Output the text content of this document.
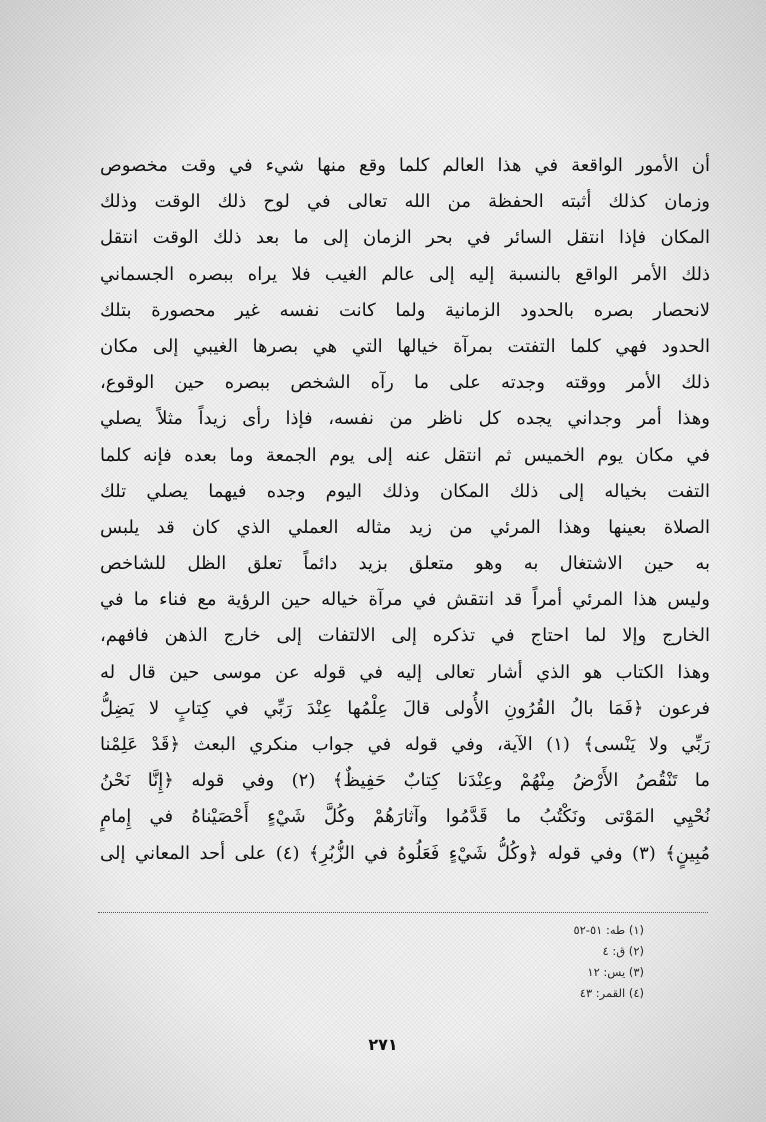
أن الأمور الواقعة في هذا العالم كلما وقع منها شيء في وقت مخصوص
وزمان كذلك أثبته الحفظة من الله تعالى في لوح ذلك الوقت وذلك
المكان فإذا انتقل السائر في بحر الزمان إلى ما بعد ذلك الوقت انتقل
ذلك الأمر الواقع بالنسبة إليه إلى عالم الغيب فلا يراه ببصره الجسماني
لانحصار بصره بالحدود الزمانية ولما كانت نفسه غير محصورة بتلك
الحدود فهي كلما التفتت بمرآة خيالها التي هي بصرها الغيبي إلى مكان
ذلك الأمر ووقته وجدته على ما رآه الشخص ببصره حين الوقوع،
وهذا أمر وجداني يجده كل ناظر من نفسه، فإذا رأى زيداً مثلاً يصلي
في مكان يوم الخميس ثم انتقل عنه إلى يوم الجمعة وما بعده فإنه كلما
التفت بخياله إلى ذلك المكان وذلك اليوم وجده فيهما يصلي تلك
الصلاة بعينها وهذا المرئي من زيد مثاله العملي الذي كان قد يلبس
به حين الاشتغال به وهو متعلق بزيد دائماً تعلق الظل للشاخص
وليس هذا المرئي أمراً قد انتقش في مرآة خياله حين الرؤية مع فناء ما في
الخارج وإلا لما احتاج في تذكره إلى الالتفات إلى خارج الذهن فافهم،
وهذا الكتاب هو الذي أشار تعالى إليه في قوله عن موسى حين قال له
فرعون ﴿فَمَا بالُ القُرُونِ الأُولى قالَ عِلْمُها عِنْدَ رَبِّي في كِتابٍ لا يَضِلُّ
رَبِّي ولا يَنْسى﴾ (١) الآية، وفي قوله في جواب منكري البعث ﴿قَدْ عَلِمْنا
ما تَنْقُصُ الأَرْضُ مِنْهُمْ وعِنْدَنا كِتابٌ حَفِيظٌ﴾ (٢) وفي قوله ﴿إِنَّا نَحْنُ
نُحْيِي المَوْتى ونَكْتُبُ ما قَدَّمُوا وآثارَهُمْ وكُلَّ شَيْءٍ أَحْصَيْناهُ في إِمامٍ
مُبِينٍ﴾ (٣) وفي قوله ﴿وكُلُّ شَيْءٍ فَعَلُوهُ في الزُّبُرِ﴾ (٤) على أحد المعاني إلى
(١) طه: ٥١-٥٢
(٢) ق: ٤
(٣) يس: ١٢
(٤) القمر: ٤٣
٢٧١
